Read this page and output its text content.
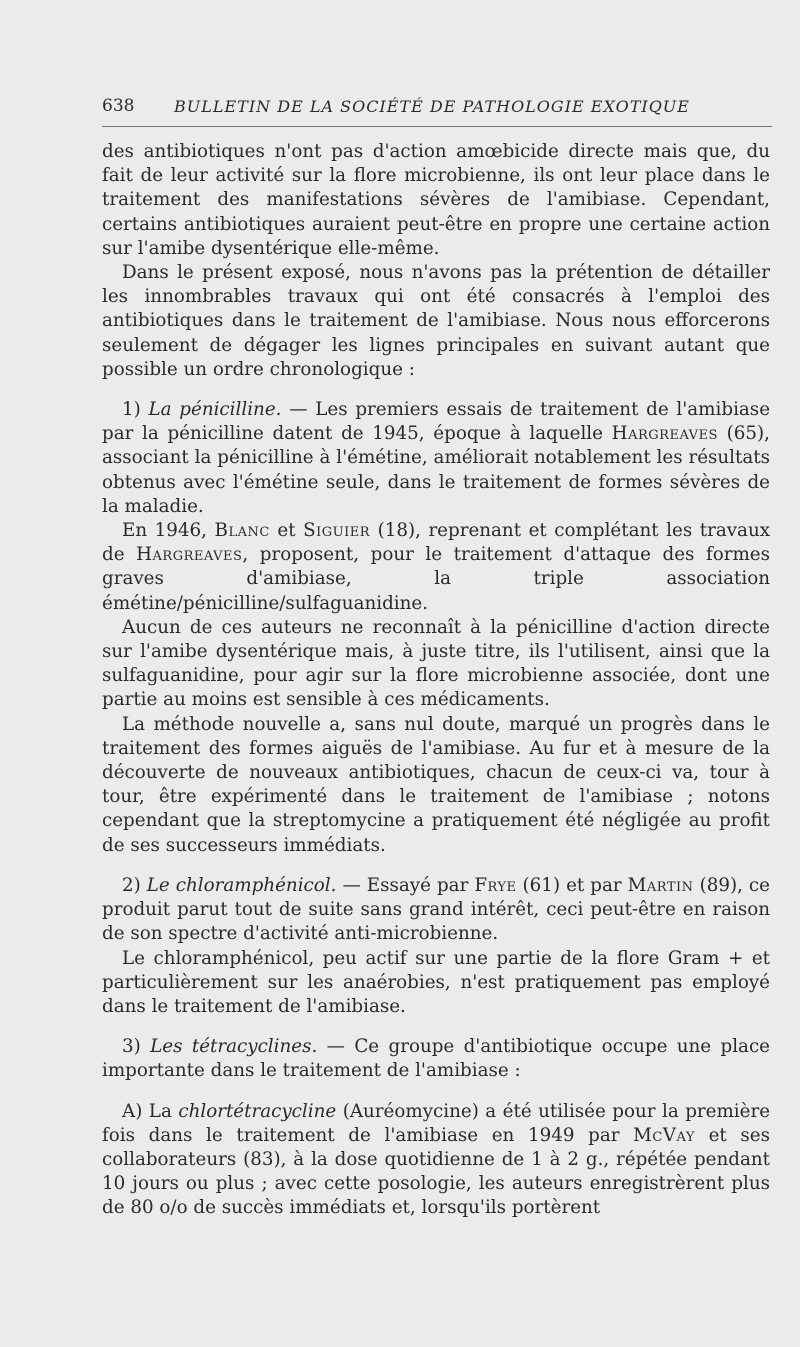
638 BULLETIN DE LA SOCIÉTÉ DE PATHOLOGIE EXOTIQUE

des antibiotiques n'ont pas d'action amœbicide directe mais que, du fait de leur activité sur la flore microbienne, ils ont leur place dans le traitement des manifestations sévères de l'amibiase. Cependant, certains antibiotiques auraient peut-être en propre une certaine action sur l'amibe dysentérique elle-même.

Dans le présent exposé, nous n'avons pas la prétention de détailler les innombrables travaux qui ont été consacrés à l'emploi des antibiotiques dans le traitement de l'amibiase. Nous nous efforcerons seulement de dégager les lignes principales en suivant autant que possible un ordre chronologique :

1) La pénicilline. — Les premiers essais de traitement de l'amibiase par la pénicilline datent de 1945, époque à laquelle Hargreaves (65), associant la pénicilline à l'émétine, améliorait notablement les résultats obtenus avec l'émétine seule, dans le traitement de formes sévères de la maladie.

En 1946, Blanc et Siguier (18), reprenant et complétant les travaux de Hargreaves, proposent, pour le traitement d'attaque des formes graves d'amibiase, la triple association émétine/pénicilline/sulfaguanidine.

Aucun de ces auteurs ne reconnaît à la pénicilline d'action directe sur l'amibe dysentérique mais, à juste titre, ils l'utilisent, ainsi que la sulfaguanidine, pour agir sur la flore microbienne associée, dont une partie au moins est sensible à ces médicaments.

La méthode nouvelle a, sans nul doute, marqué un progrès dans le traitement des formes aiguës de l'amibiase. Au fur et à mesure de la découverte de nouveaux antibiotiques, chacun de ceux-ci va, tour à tour, être expérimenté dans le traitement de l'amibiase ; notons cependant que la streptomycine a pratiquement été négligée au profit de ses successeurs immédiats.

2) Le chloramphénicol. — Essayé par Frye (61) et par Martin (89), ce produit parut tout de suite sans grand intérêt, ceci peut-être en raison de son spectre d'activité anti-microbienne.

Le chloramphénicol, peu actif sur une partie de la flore Gram + et particulièrement sur les anaérobies, n'est pratiquement pas employé dans le traitement de l'amibiase.

3) Les tétracyclines. — Ce groupe d'antibiotique occupe une place importante dans le traitement de l'amibiase :

A) La chlortétracycline (Auréomycine) a été utilisée pour la première fois dans le traitement de l'amibiase en 1949 par McVay et ses collaborateurs (83), à la dose quotidienne de 1 à 2 g., répétée pendant 10 jours ou plus ; avec cette posologie, les auteurs enregistrèrent plus de 80 o/o de succès immédiats et, lorsqu'ils portèrent
